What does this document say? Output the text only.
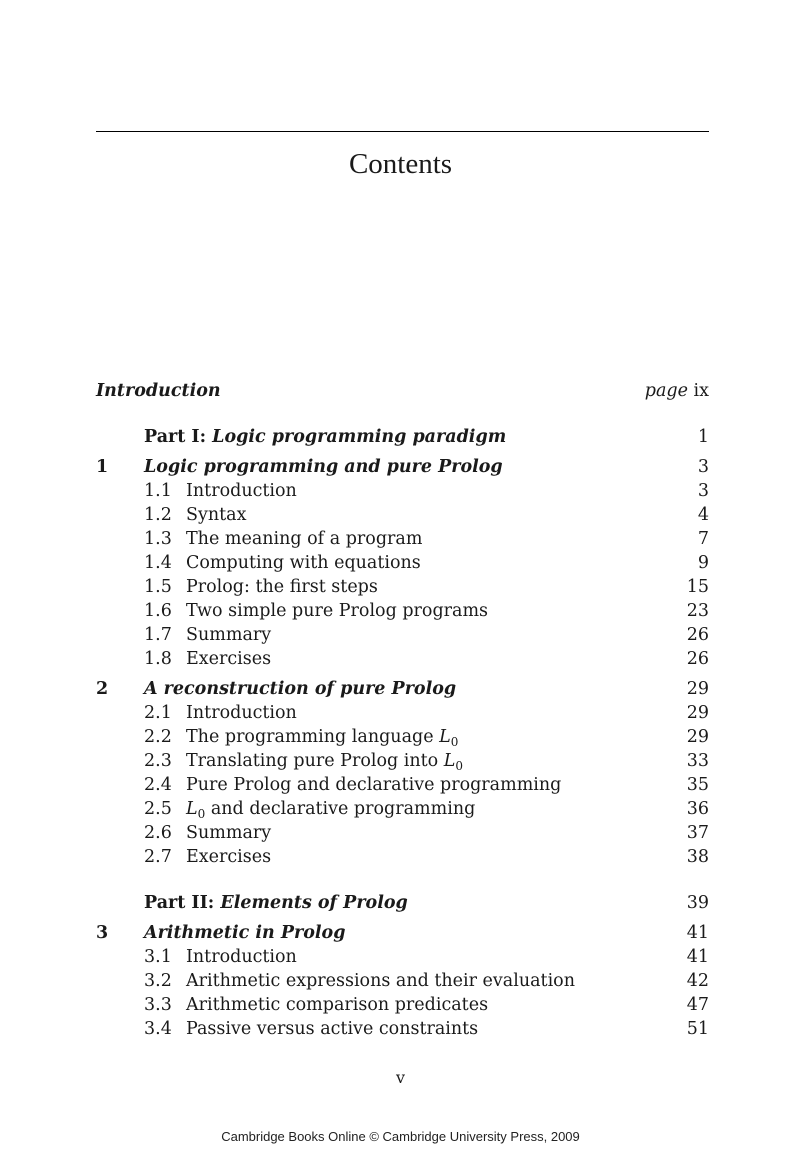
Contents
Introduction	page ix
Part I: Logic programming paradigm	1
1 Logic programming and pure Prolog	3
1.1 Introduction	3
1.2 Syntax	4
1.3 The meaning of a program	7
1.4 Computing with equations	9
1.5 Prolog: the first steps	15
1.6 Two simple pure Prolog programs	23
1.7 Summary	26
1.8 Exercises	26
2 A reconstruction of pure Prolog	29
2.1 Introduction	29
2.2 The programming language $L_0$	29
2.3 Translating pure Prolog into $L_0$	33
2.4 Pure Prolog and declarative programming	35
2.5 $L_0$ and declarative programming	36
2.6 Summary	37
2.7 Exercises	38
Part II: Elements of Prolog	39
3 Arithmetic in Prolog	41
3.1 Introduction	41
3.2 Arithmetic expressions and their evaluation	42
3.3 Arithmetic comparison predicates	47
3.4 Passive versus active constraints	51
v
Cambridge Books Online © Cambridge University Press, 2009
